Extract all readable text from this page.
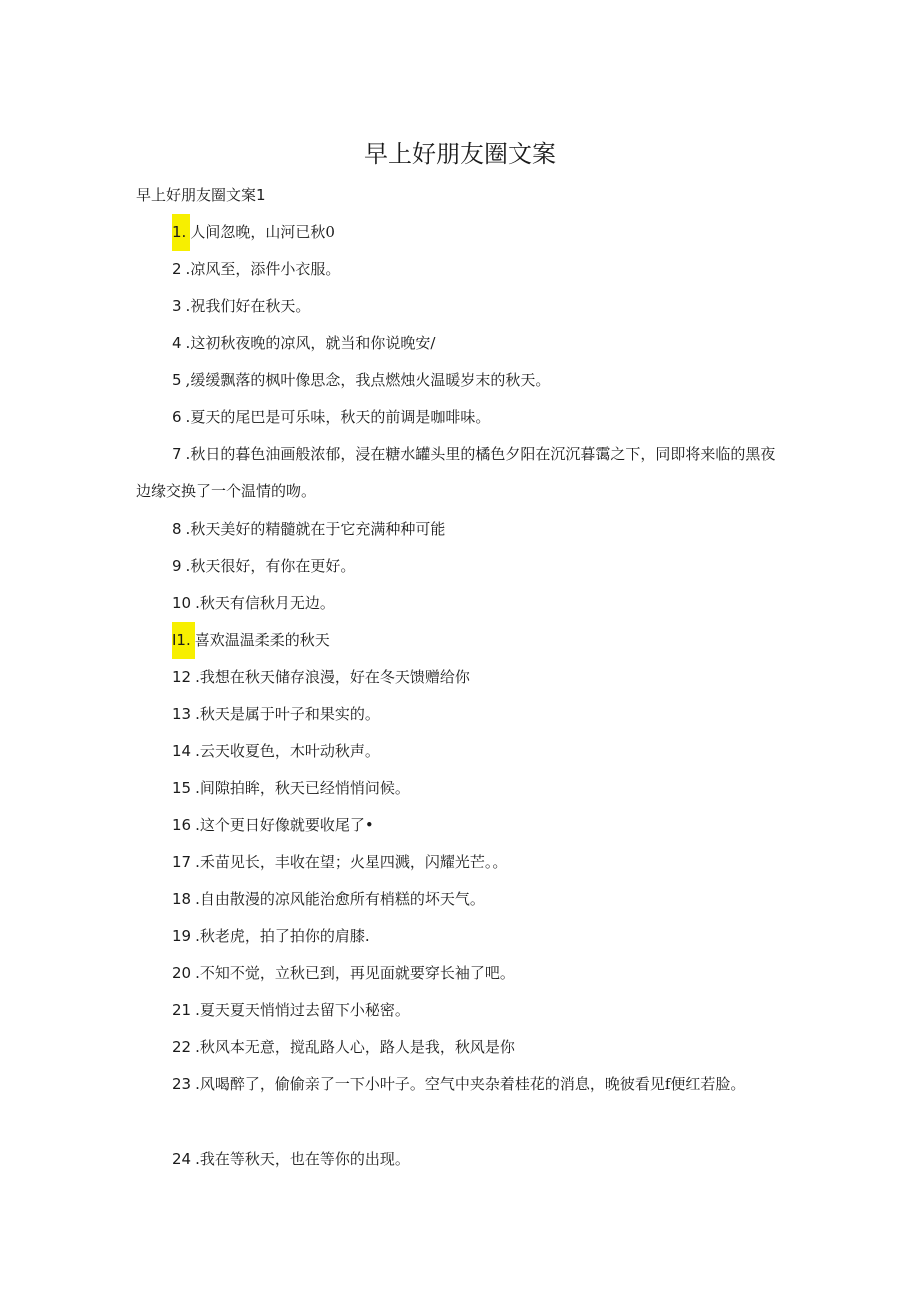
早上好朋友圈文案
早上好朋友圈文案1
1. 人间忽晚，山河已秋0
2 .凉风至，添件小衣服。
3 .祝我们好在秋天。
4 .这初秋夜晚的凉风，就当和你说晚安/
5 ,缓缓飘落的枫叶像思念，我点燃烛火温暖岁末的秋天。
6 .夏天的尾巴是可乐味，秋天的前调是咖啡味。
7 .秋日的暮色油画般浓郁，浸在糖水罐头里的橘色夕阳在沉沉暮霭之下，同即将来临的黑夜边缘交换了一个温情的吻。
8 .秋天美好的精髓就在于它充满种种可能
9 .秋天很好，有你在更好。
10 .秋天有信秋月无边。
I1. 喜欢温温柔柔的秋天
12 .我想在秋天储存浪漫，好在冬天馈赠给你
13 .秋天是属于叶子和果实的。
14 .云天收夏色，木叶动秋声。
15 .间隙拍眸，秋天已经悄悄问候。
16 .这个更日好像就要收尾了•
17 .禾苗见长，丰收在望；火星四溅，闪耀光芒。。
18 .自由散漫的凉风能治愈所有梢糕的坏天气。
19 .秋老虎，拍了拍你的肩膝.
20 .不知不觉，立秋已到，再见面就要穿长袖了吧。
21 .夏天夏天悄悄过去留下小秘密。
22 .秋风本无意，搅乱路人心，路人是我，秋风是你
23 .风喝醉了，偷偷亲了一下小叶子。空气中夹杂着桂花的消息，晚彼看见f便红若脸。
24 .我在等秋天，也在等你的出现。
